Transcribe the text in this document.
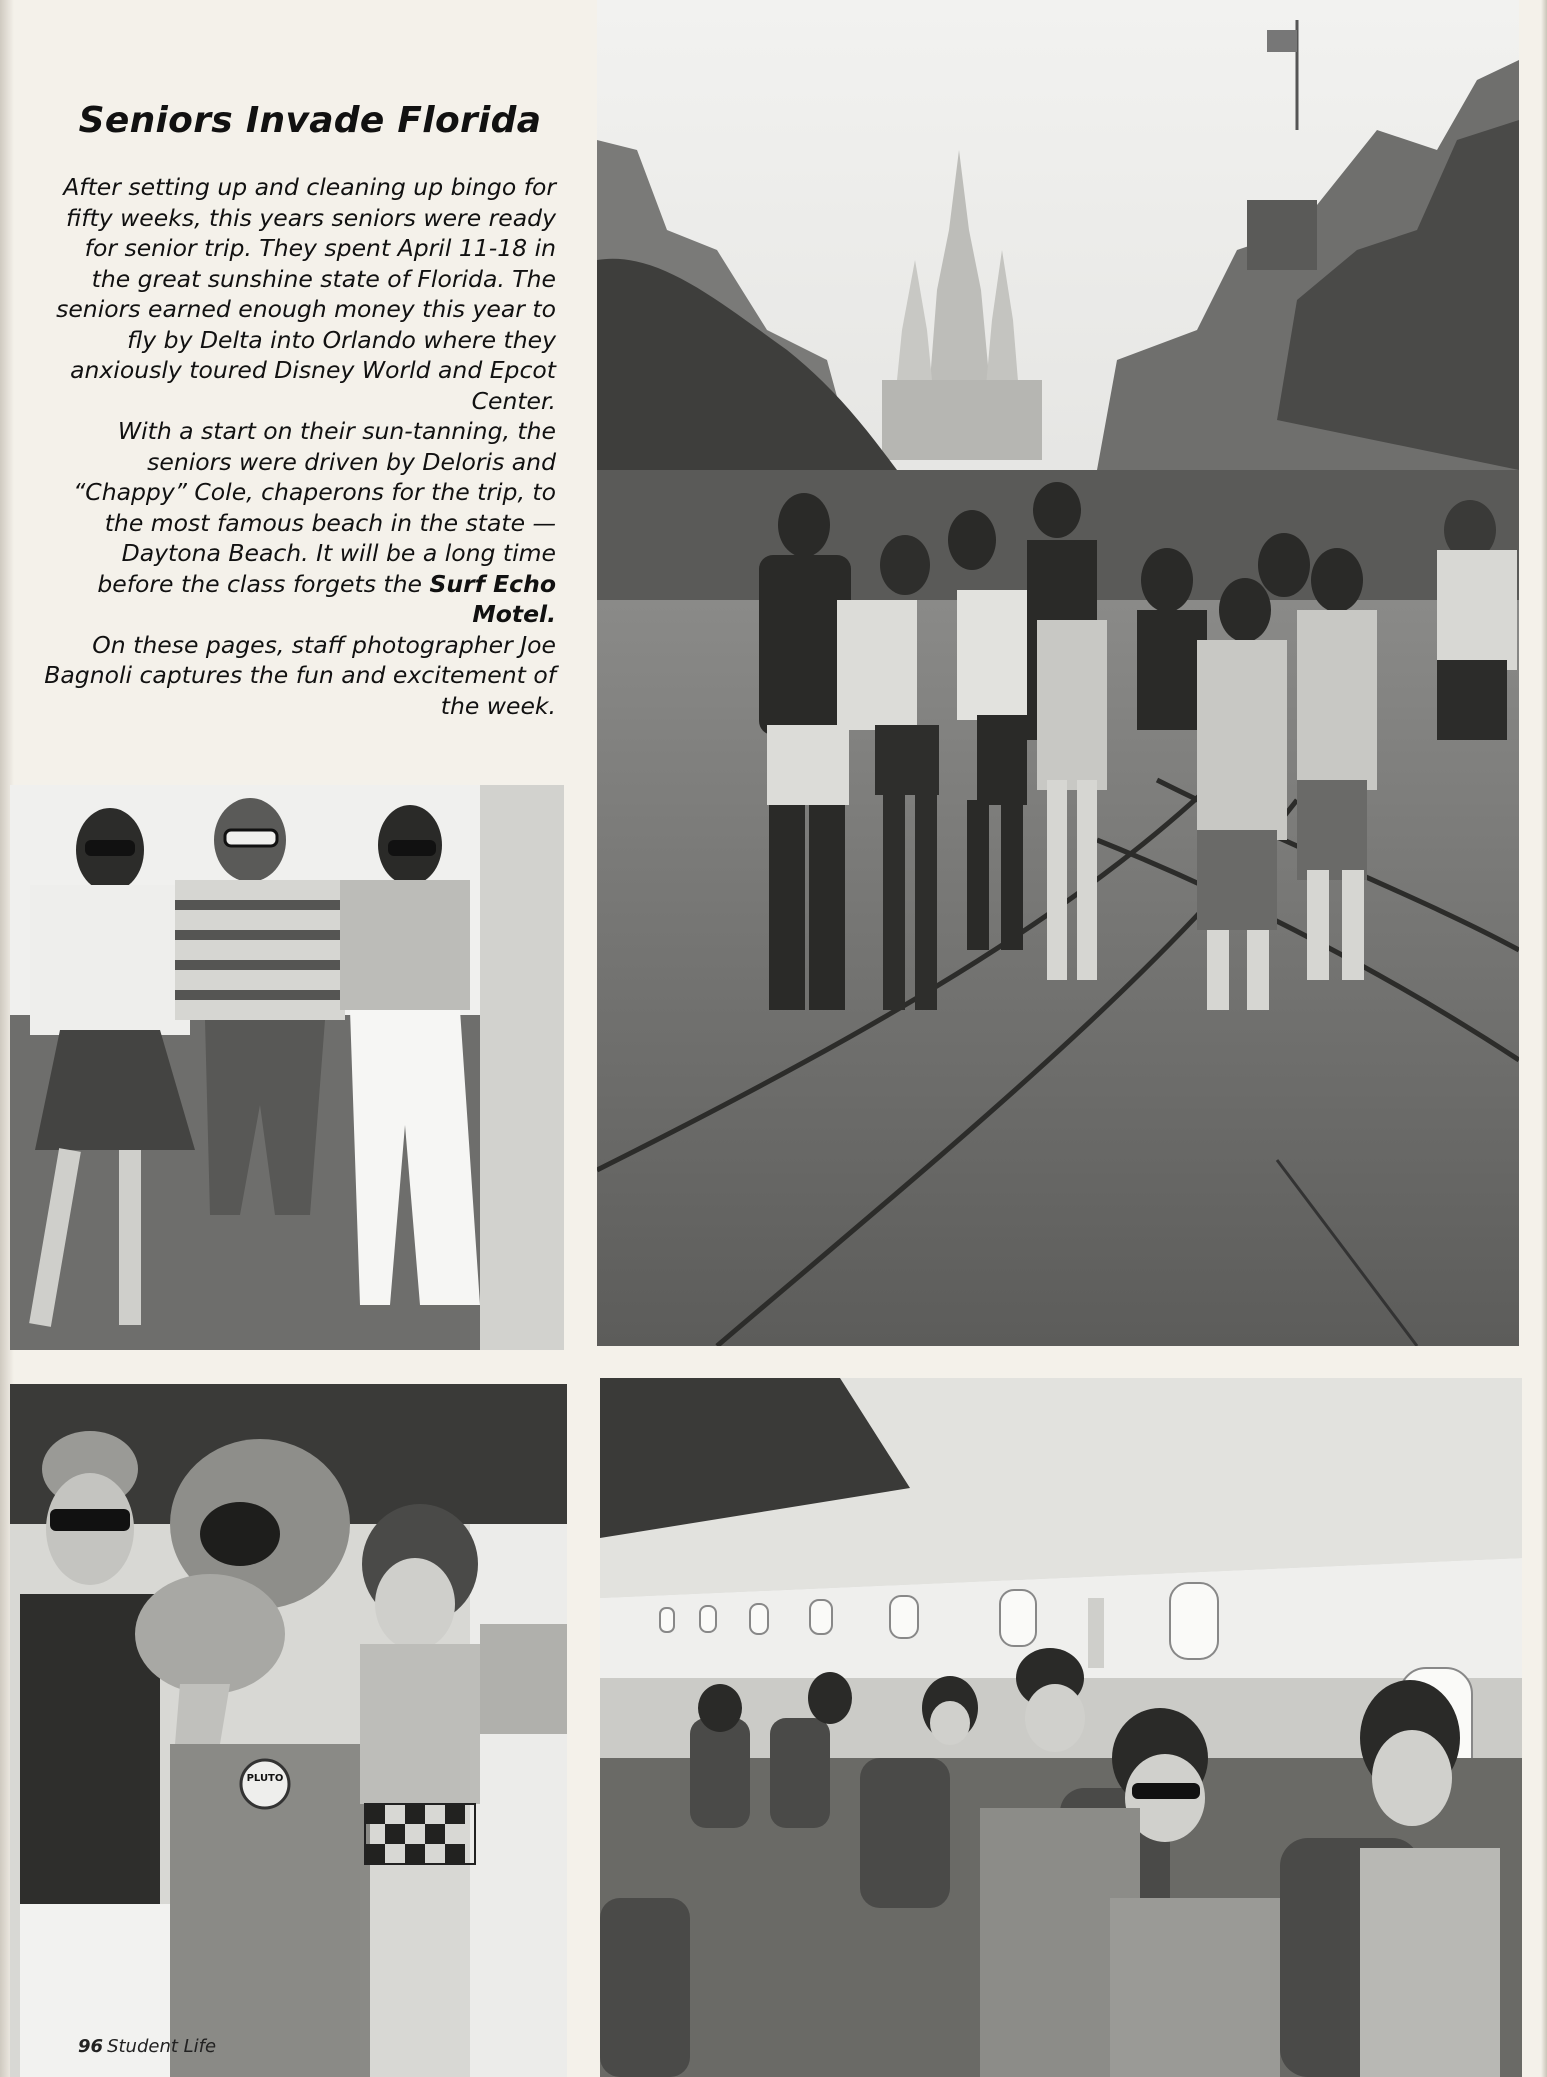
Seniors Invade Florida

After setting up and cleaning up bingo for fifty weeks, this years seniors were ready for senior trip. They spent April 11-18 in the great sunshine state of Florida. The seniors earned enough money this year to fly by Delta into Orlando where they anxiously toured Disney World and Epcot Center.

With a start on their sun-tanning, the seniors were driven by Deloris and “Chappy” Cole, chaperons for the trip, to the most famous beach in the state — Daytona Beach. It will be a long time before the class forgets the Surf Echo Motel.

On these pages, staff photographer Joe Bagnoli captures the fun and excitement of the week.

PLUTO
96 Student Life
